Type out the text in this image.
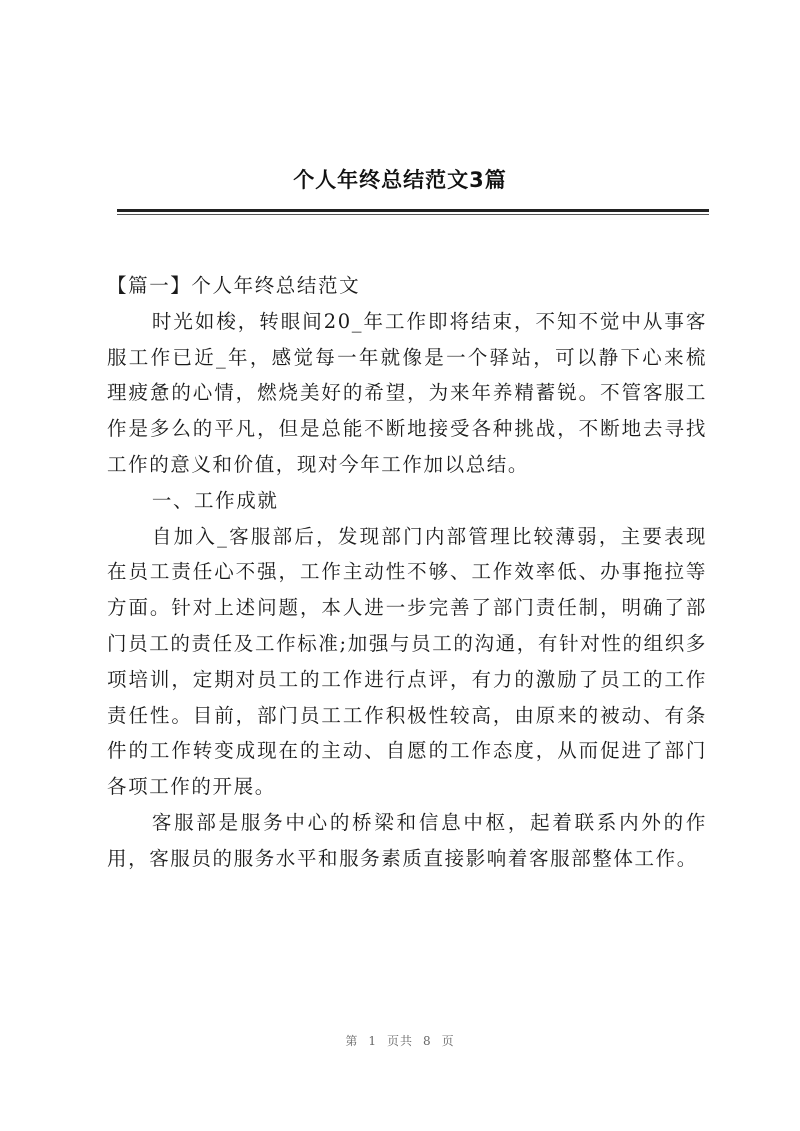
个人年终总结范文3篇

【篇一】个人年终总结范文

时光如梭，转眼间20_年工作即将结束，不知不觉中从事客服工作已近_年，感觉每一年就像是一个驿站，可以静下心来梳理疲惫的心情，燃烧美好的希望，为来年养精蓄锐。不管客服工作是多么的平凡，但是总能不断地接受各种挑战，不断地去寻找工作的意义和价值，现对今年工作加以总结。

一、工作成就

自加入_客服部后，发现部门内部管理比较薄弱，主要表现在员工责任心不强，工作主动性不够、工作效率低、办事拖拉等方面。针对上述问题，本人进一步完善了部门责任制，明确了部门员工的责任及工作标准;加强与员工的沟通，有针对性的组织多项培训，定期对员工的工作进行点评，有力的激励了员工的工作责任性。目前，部门员工工作积极性较高，由原来的被动、有条件的工作转变成现在的主动、自愿的工作态度，从而促进了部门各项工作的开展。

客服部是服务中心的桥梁和信息中枢，起着联系内外的作用，客服员的服务水平和服务素质直接影响着客服部整体工作。

第 1 页共 8 页
